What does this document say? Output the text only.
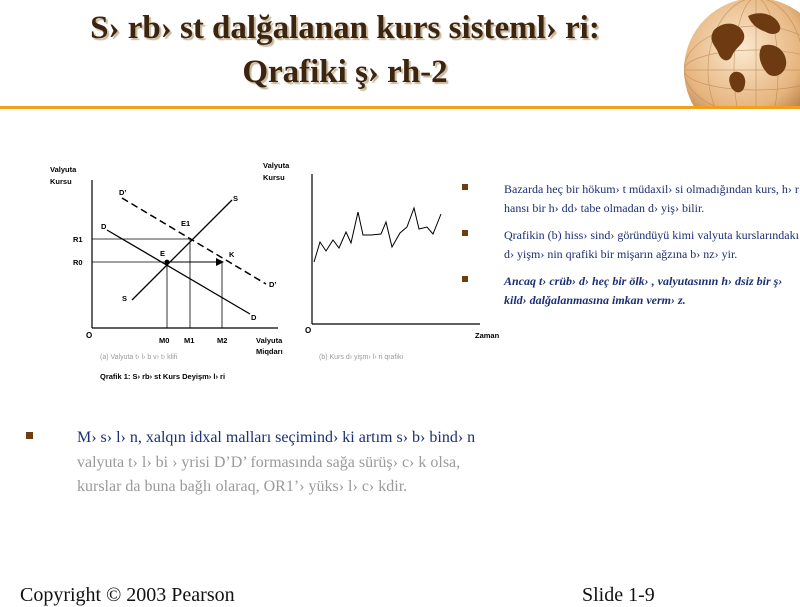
S› rb› st dalğalanan kurs sisteml› ri:
Qrafiki ş› rh-2
Valyuta
Kursu
Valyuta
Miqdarı
O
R1
R0
M0 M1	M2
D’
D’
D
D
S
S
E
E1
K
(a) Valyuta t› l› b v› t› klifi
Qrafik 1: S› rb› st Kurs Deyişm› l› ri
Valyuta
Kursu
O
Zaman
(b) Kurs d› yişm› l› ri qrafiki
Bazarda heç bir hökum› t müdaxil› si olmadığından kurs, h› r hansı bir h› dd› tabe olmadan d› yiş› bilir.
Qrafikin (b) hiss› sind› göründüyü kimi valyuta kurslarındakı d› yişm› nin qrafiki bir mişarın ağzına b› nz› yir.
Ancaq t› crüb› d› heç bir ölk› , valyutasının h› dsiz bir ş› kild› dalğalanmasına imkan verm› z.
M› s› l› n, xalqın idxal malları seçimind› ki artım s› b› bind› n valyuta t› l› bi › yrisi D’D’ formasında sağa sürüş› c› k olsa, kurslar da buna bağlı olaraq, OR1’› yüks› l› c› kdir.
Copyright © 2003 Pearson	Slide 1-9
